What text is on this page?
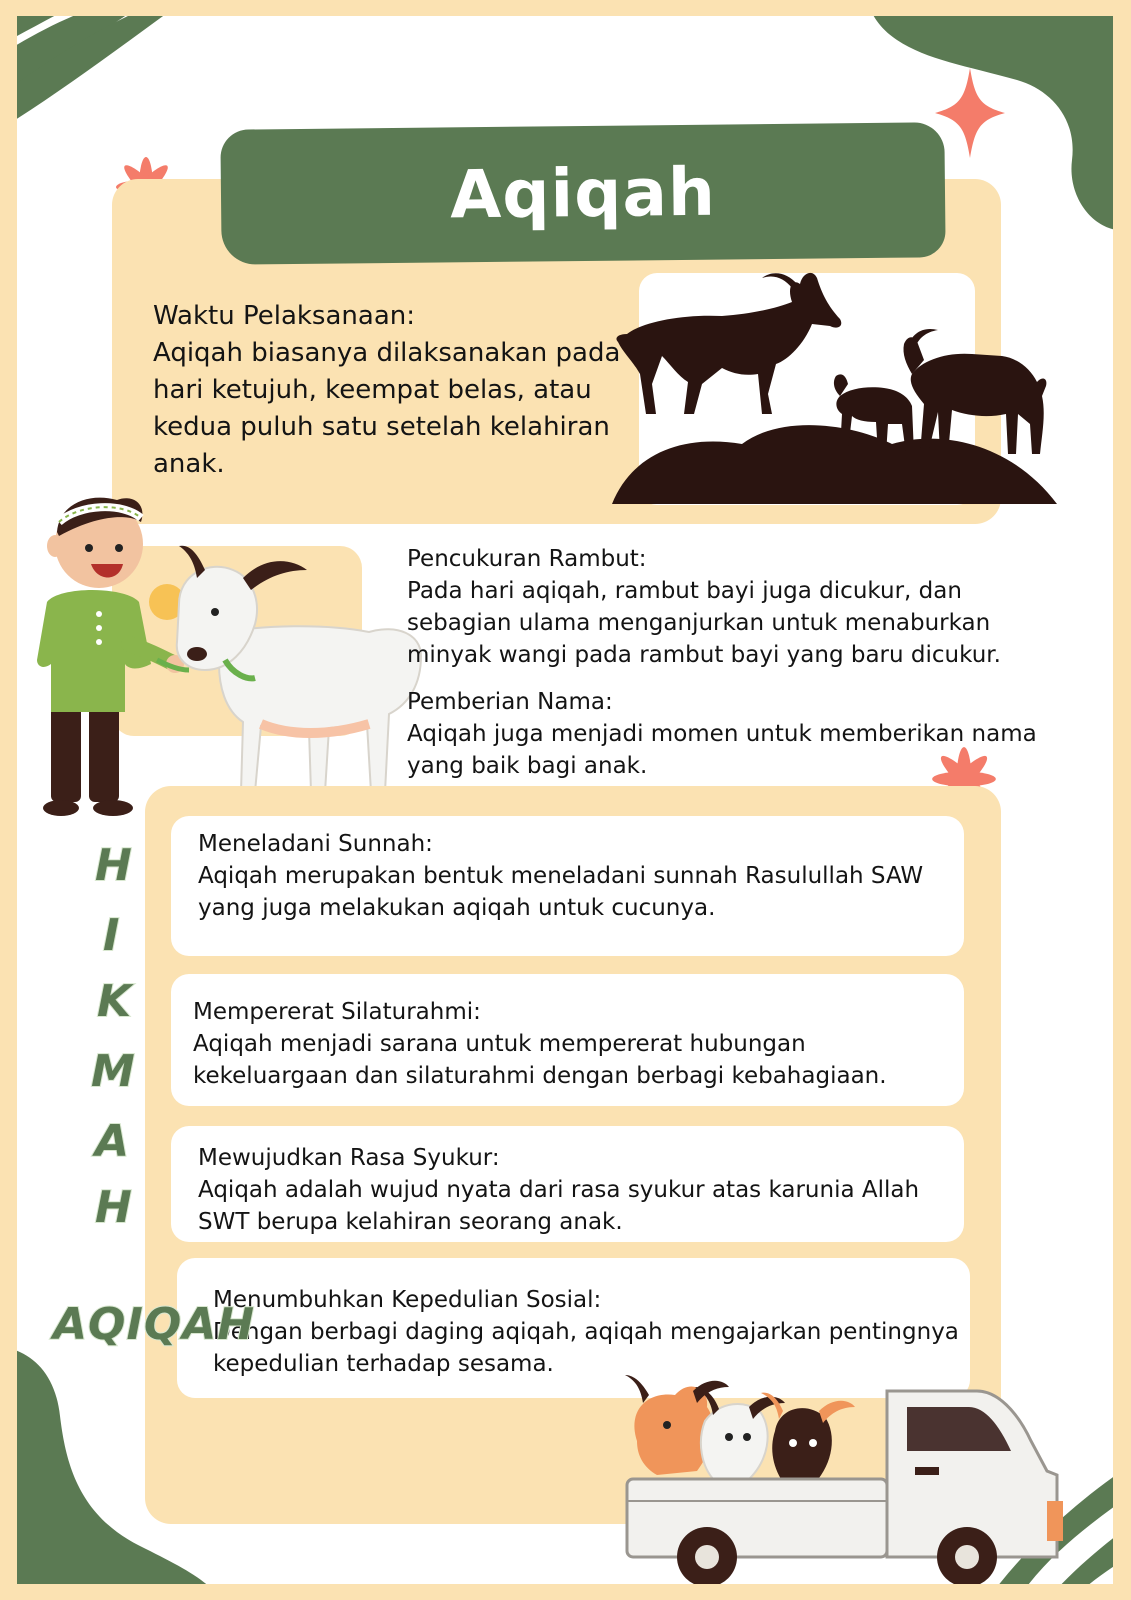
Aqiqah

Waktu Pelaksanaan:

Aqiqah biasanya dilaksanakan pada hari ketujuh, keempat belas, atau kedua puluh satu setelah kelahiran anak.

Pencukuran Rambut:

Pada hari aqiqah, rambut bayi juga dicukur, dan sebagian ulama menganjurkan untuk menaburkan minyak wangi pada rambut bayi yang baru dicukur.

Pemberian Nama:

Aqiqah juga menjadi momen untuk memberikan nama yang baik bagi anak.

Meneladani Sunnah:

Aqiqah merupakan bentuk meneladani sunnah Rasulullah SAW yang juga melakukan aqiqah untuk cucunya.

Mempererat Silaturahmi:

Aqiqah menjadi sarana untuk mempererat hubungan kekeluargaan dan silaturahmi dengan berbagi kebahagiaan.

Mewujudkan Rasa Syukur:

Aqiqah adalah wujud nyata dari rasa syukur atas karunia Allah SWT berupa kelahiran seorang anak.

Menumbuhkan Kepedulian Sosial:

Dengan berbagi daging aqiqah, aqiqah mengajarkan pentingnya kepedulian terhadap sesama.

H
I
K
M
A
H
AQIQAH
